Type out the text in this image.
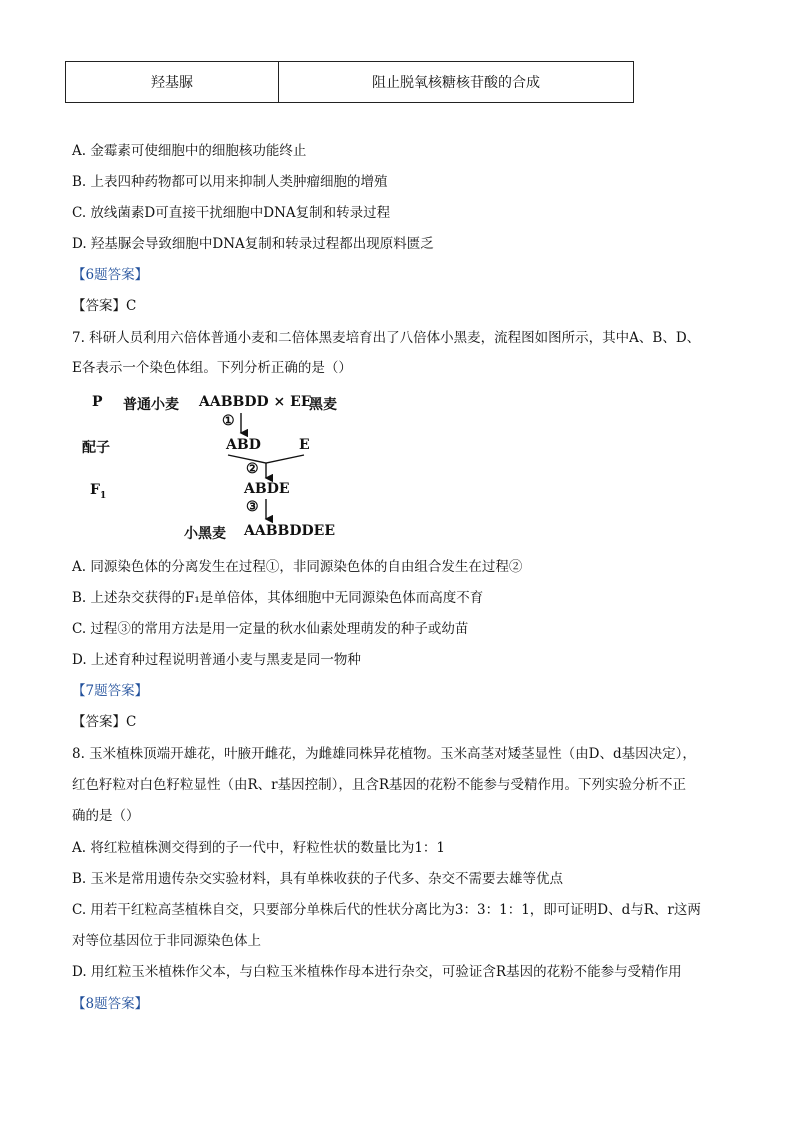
羟基脲	阻止脱氧核糖核苷酸的合成
A. 金霉素可使细胞中的细胞核功能终止
B. 上表四种药物都可以用来抑制人类肿瘤细胞的增殖
C. 放线菌素D可直接干扰细胞中DNA复制和转录过程
D. 羟基脲会导致细胞中DNA复制和转录过程都出现原料匮乏
【6题答案】
【答案】C
7. 科研人员利用六倍体普通小麦和二倍体黑麦培育出了八倍体小黑麦，流程图如图所示，其中A、B、D、
E各表示一个染色体组。下列分析正确的是（）
P 普通小麦 AABBDD × EE
黑麦
①
配子	ABD	E
②
$F_1$	ABDE
③
小黑麦 AABBDDEE
A. 同源染色体的分离发生在过程①，非同源染色体的自由组合发生在过程②
B. 上述杂交获得的F₁是单倍体，其体细胞中无同源染色体而高度不育
C. 过程③的常用方法是用一定量的秋水仙素处理萌发的种子或幼苗
D. 上述育种过程说明普通小麦与黑麦是同一物种
【7题答案】
【答案】C
8. 玉米植株顶端开雄花，叶腋开雌花，为雌雄同株异花植物。玉米高茎对矮茎显性（由D、d基因决定），
红色籽粒对白色籽粒显性（由R、r基因控制），且含R基因的花粉不能参与受精作用。下列实验分析不正
确的是（）
A. 将红粒植株测交得到的子一代中，籽粒性状的数量比为1：1
B. 玉米是常用遗传杂交实验材料，具有单株收获的子代多、杂交不需要去雄等优点
C. 用若干红粒高茎植株自交，只要部分单株后代的性状分离比为3：3：1：1，即可证明D、d与R、r这两
对等位基因位于非同源染色体上
D. 用红粒玉米植株作父本，与白粒玉米植株作母本进行杂交，可验证含R基因的花粉不能参与受精作用
【8题答案】
